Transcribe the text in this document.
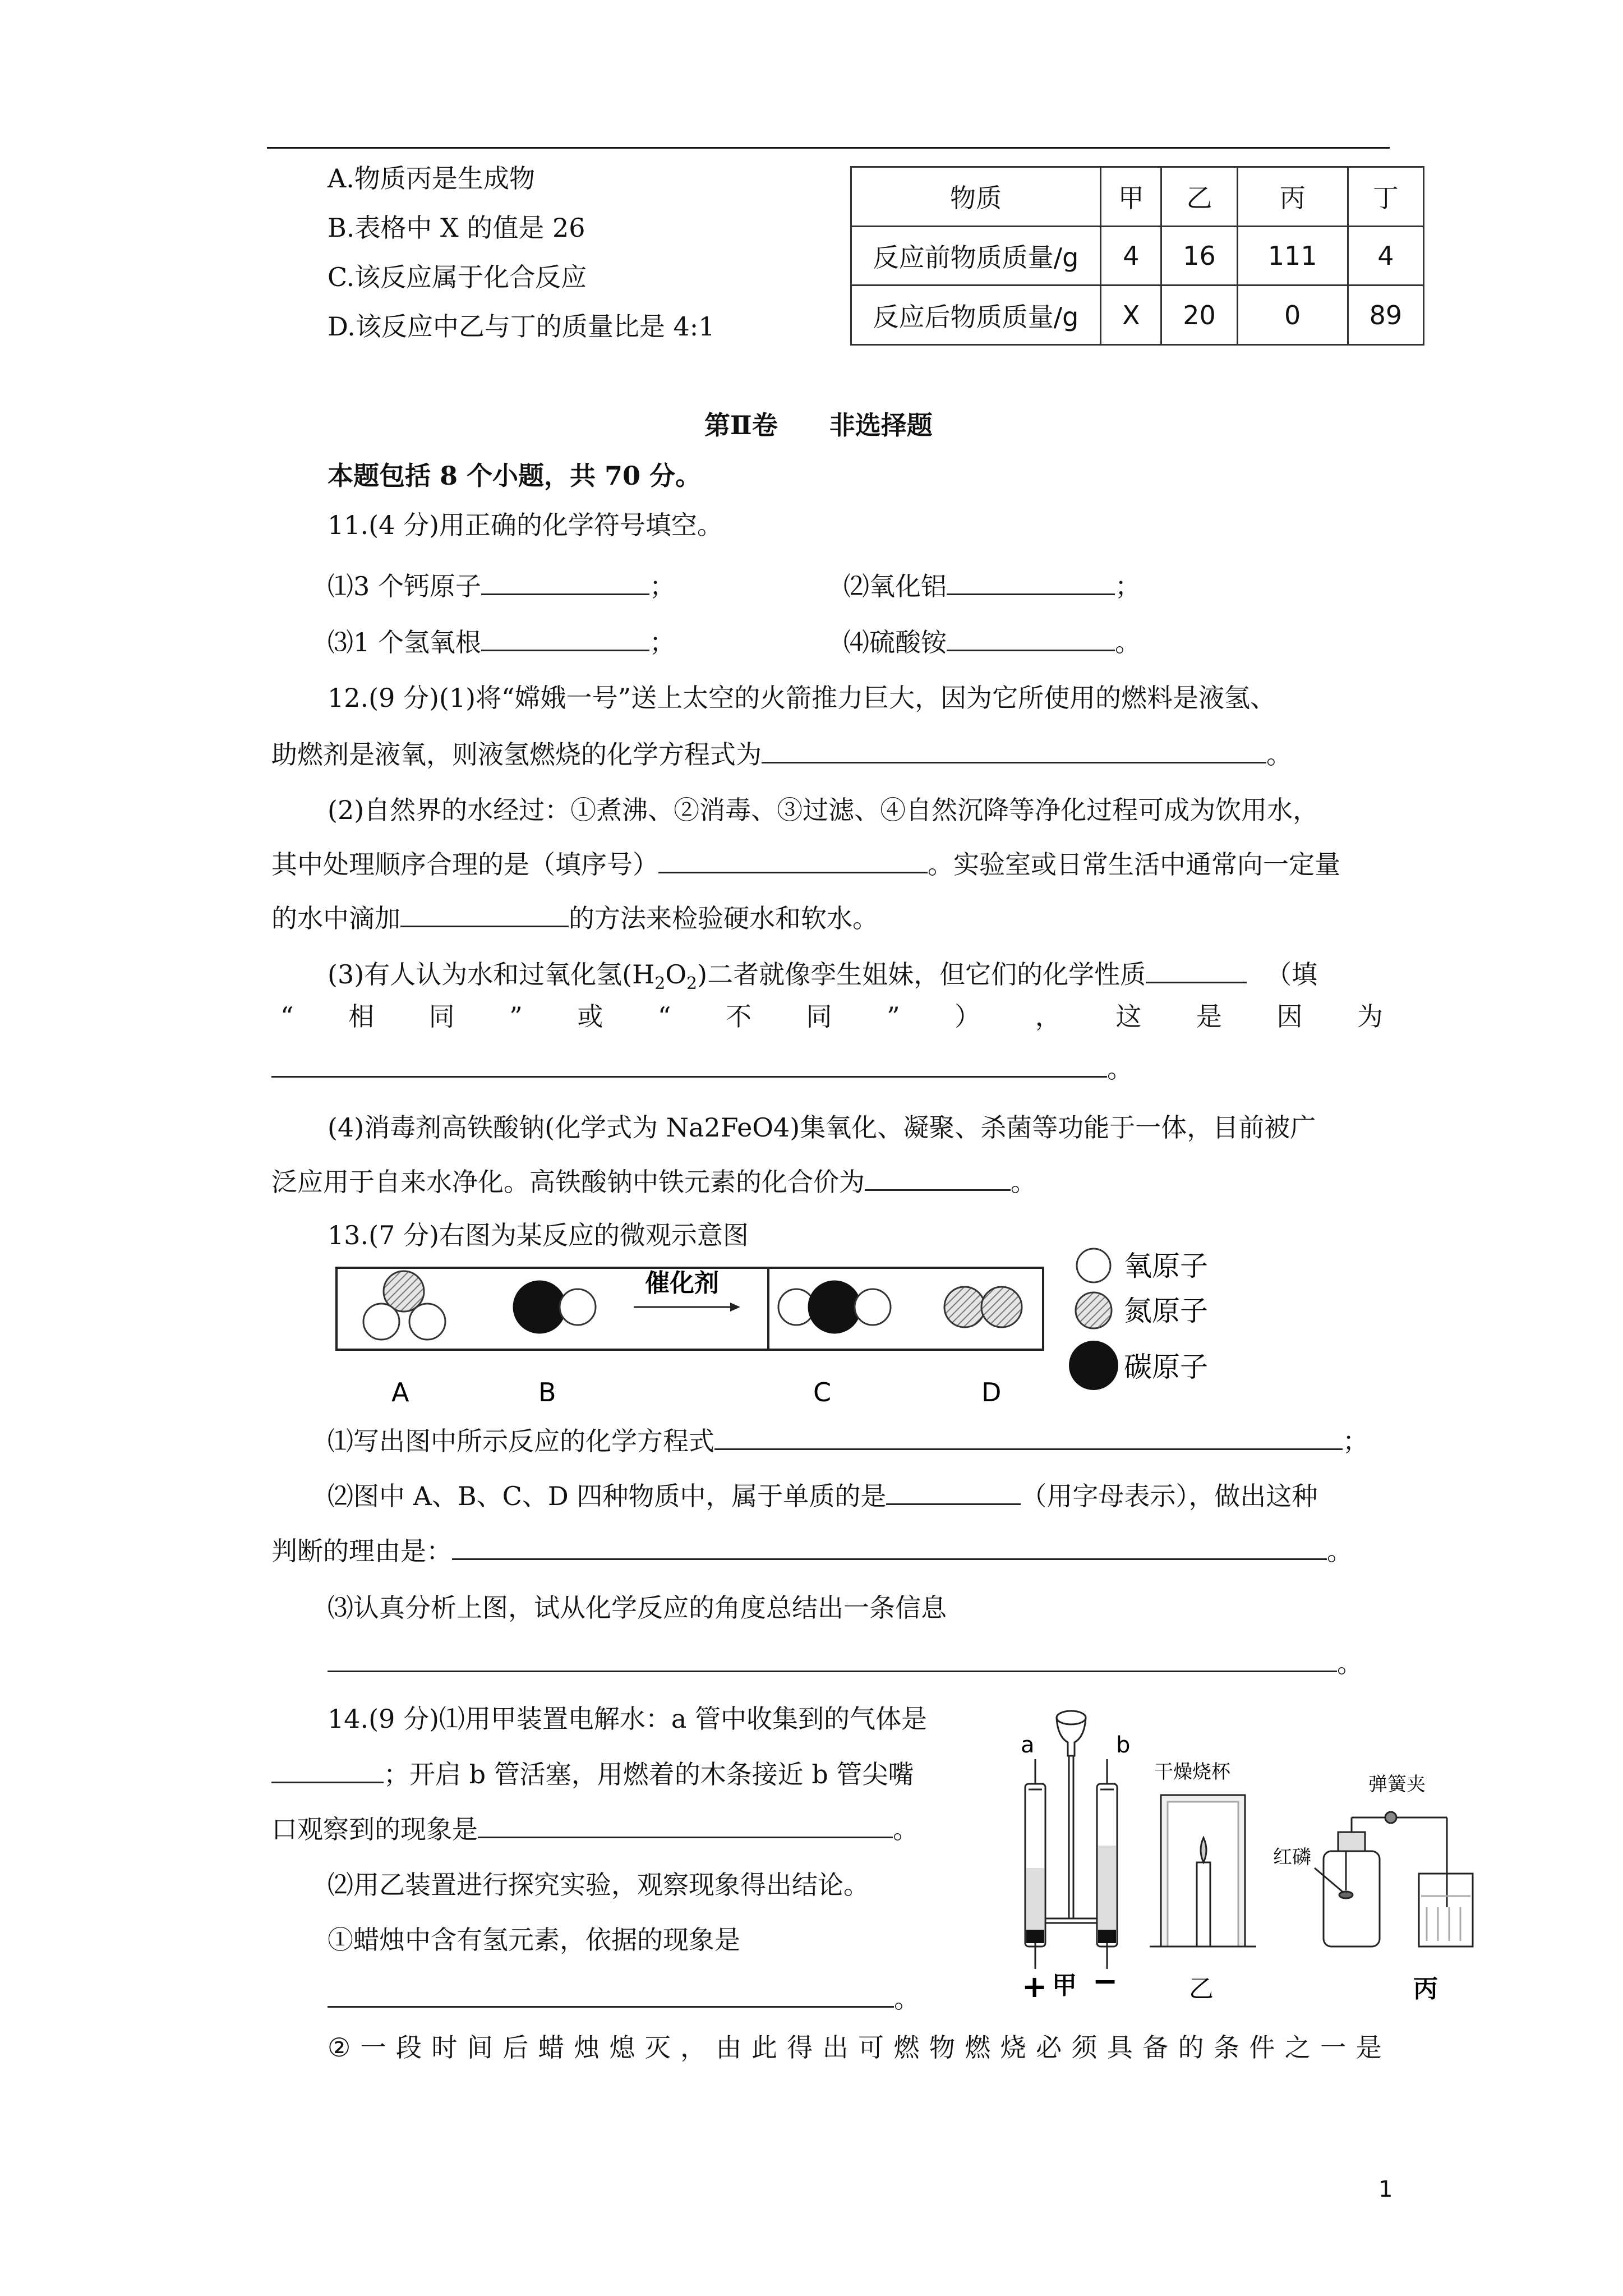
A.物质丙是生成物
B.表格中 X 的值是 26
C.该反应属于化合反应
D.该反应中乙与丁的质量比是 4:1
物质	甲	乙	丙	丁
反应前物质质量/g	4	16	111	4
反应后物质质量/g	X	20	0	89
第Ⅱ卷　　非选择题
本题包括 8 个小题，共 70 分。
11.(4 分)用正确的化学符号填空。
⑴3 个钙原子	；	⑵氧化铝	；
⑶1 个氢氧根	；	⑷硫酸铵	。
12.(9 分)(1)将“嫦娥一号”送上太空的火箭推力巨大，因为它所使用的燃料是液氢、
助燃剂是液氧，则液氢燃烧的化学方程式为	。
(2)自然界的水经过：①煮沸、②消毒、③过滤、④自然沉降等净化过程可成为饮用水，
其中处理顺序合理的是（填序号）	。实验室或日常生活中通常向一定量
的水中滴加	的方法来检验硬水和软水。
(3)有人认为水和过氧化氢$(H_2O_2)$二者就像孪生姐妹，但它们的化学性质	（填
“ 相 同 ” 或 “ 不 同 ” ） ， 这 是 因 为
。
(4)消毒剂高铁酸钠(化学式为 Na2FeO4)集氧化、凝聚、杀菌等功能于一体，目前被广
泛应用于自来水净化。高铁酸钠中铁元素的化合价为	。
13.(7 分)右图为某反应的微观示意图
催化剂
A	B	C	D
氧原子
氮原子
碳原子
⑴写出图中所示反应的化学方程式	；
⑵图中 A、B、C、D 四种物质中，属于单质的是	（用字母表示），做出这种
判断的理由是：	。
⑶认真分析上图，试从化学反应的角度总结出一条信息
。
14.(9 分)⑴用甲装置电解水：a 管中收集到的气体是
；开启 b 管活塞，用燃着的木条接近 b 管尖嘴
口观察到的现象是	。
⑵用乙装置进行探究实验，观察现象得出结论。
①蜡烛中含有氢元素，依据的现象是
。
② 一 段 时 间 后 蜡 烛 熄 灭 ， 由 此 得 出 可 燃 物 燃 烧 必 须 具 备 的 条 件 之 一 是
a	b
+ 甲 −
干燥烧杯
乙
弹簧夹
红磷
丙
1
